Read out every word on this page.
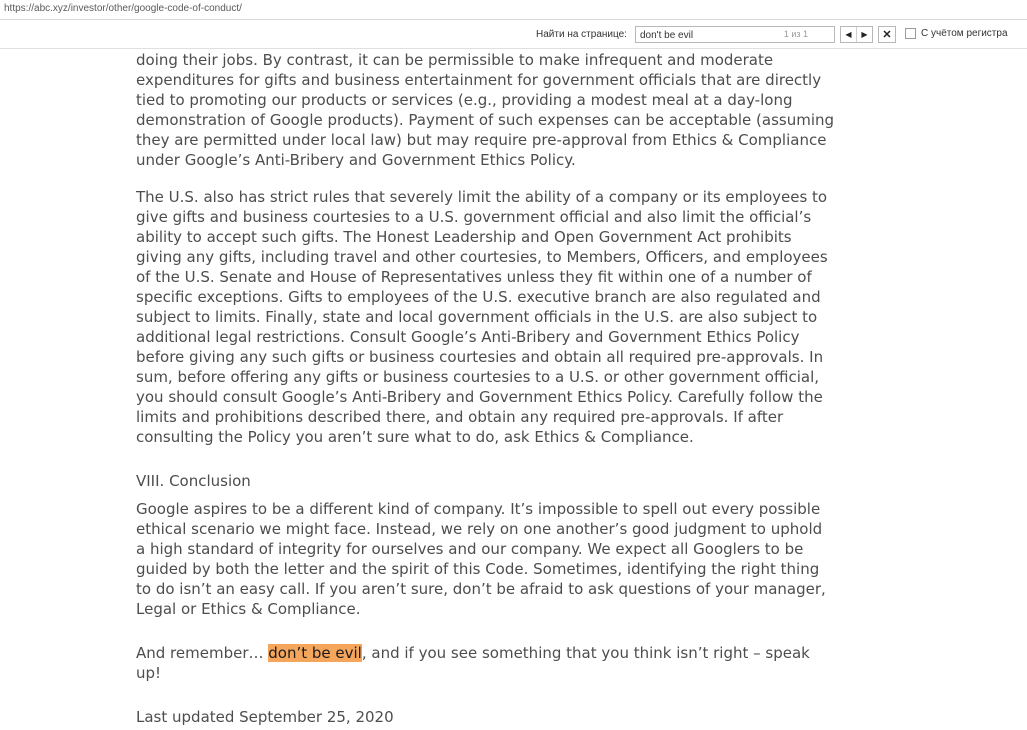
https://abc.xyz/investor/other/google-code-of-conduct/
Найти на странице:
don't be evil	1 из 1	◀ ▶ ✕	С учётом регистра

doing their jobs. By contrast, it can be permissible to make infrequent and moderate expenditures for gifts and business entertainment for government officials that are directly tied to promoting our products or services (e.g., providing a modest meal at a day-long demonstration of Google products). Payment of such expenses can be acceptable (assuming they are permitted under local law) but may require pre-approval from Ethics & Compliance under Google’s Anti-Bribery and Government Ethics Policy.

The U.S. also has strict rules that severely limit the ability of a company or its employees to give gifts and business courtesies to a U.S. government official and also limit the official’s ability to accept such gifts. The Honest Leadership and Open Government Act prohibits giving any gifts, including travel and other courtesies, to Members, Officers, and employees of the U.S. Senate and House of Representatives unless they fit within one of a number of specific exceptions. Gifts to employees of the U.S. executive branch are also regulated and subject to limits. Finally, state and local government officials in the U.S. are also subject to additional legal restrictions. Consult Google’s Anti-Bribery and Government Ethics Policy before giving any such gifts or business courtesies and obtain all required pre-approvals. In sum, before offering any gifts or business courtesies to a U.S. or other government official, you should consult Google’s Anti-Bribery and Government Ethics Policy. Carefully follow the limits and prohibitions described there, and obtain any required pre-approvals. If after consulting the Policy you aren’t sure what to do, ask Ethics & Compliance.

VIII. Conclusion

Google aspires to be a different kind of company. It’s impossible to spell out every possible ethical scenario we might face. Instead, we rely on one another’s good judgment to uphold a high standard of integrity for ourselves and our company. We expect all Googlers to be guided by both the letter and the spirit of this Code. Sometimes, identifying the right thing to do isn’t an easy call. If you aren’t sure, don’t be afraid to ask questions of your manager, Legal or Ethics & Compliance.

And remember… don’t be evil, and if you see something that you think isn’t right – speak up!

Last updated September 25, 2020
